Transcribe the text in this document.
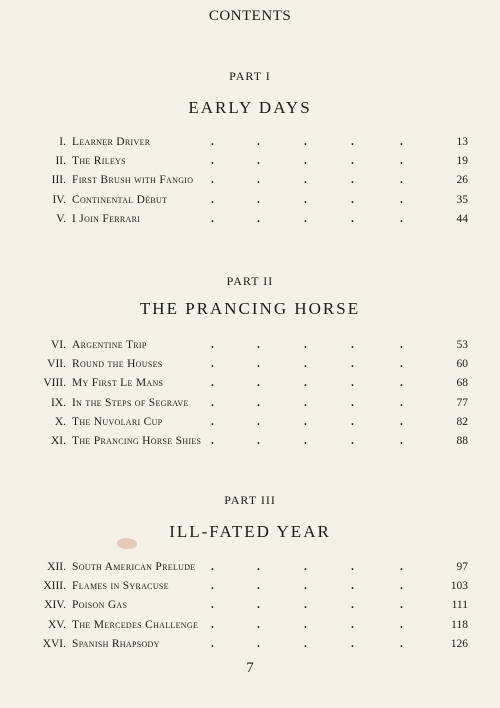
CONTENTS
PART I
EARLY DAYS
I. Learner Driver	13
.	.	.	.	.
II. The Rileys	19
.	.	.	.	.
III. First Brush with Fangio	26
.	.	.	.	.
IV. Continental Début	35
.	.	.	.	.
V. I Join Ferrari	44
.	.	.	.	.
PART II
THE PRANCING HORSE
VI. Argentine Trip	53
.	.	.	.	.
VII. Round the Houses	60
.	.	.	.	.
VIII. My First Le Mans	68
.	.	.	.	.
IX. In the Steps of Segrave	77
.	.	.	.	.
X. The Nuvolari Cup	82
.	.	.	.	.
XI. The Prancing Horse Shies	88
.	.	.	.	.
PART III
ILL-FATED YEAR
XII. South American Prelude	97
.	.	.	.	.
XIII. Flames in Syracuse	103
.	.	.	.	.
XIV. Poison Gas	111
.	.	.	.	.
XV. The Mercedes Challenge	118
.	.	.	.	.
XVI. Spanish Rhapsody	126
.	.	.	.	.
7
